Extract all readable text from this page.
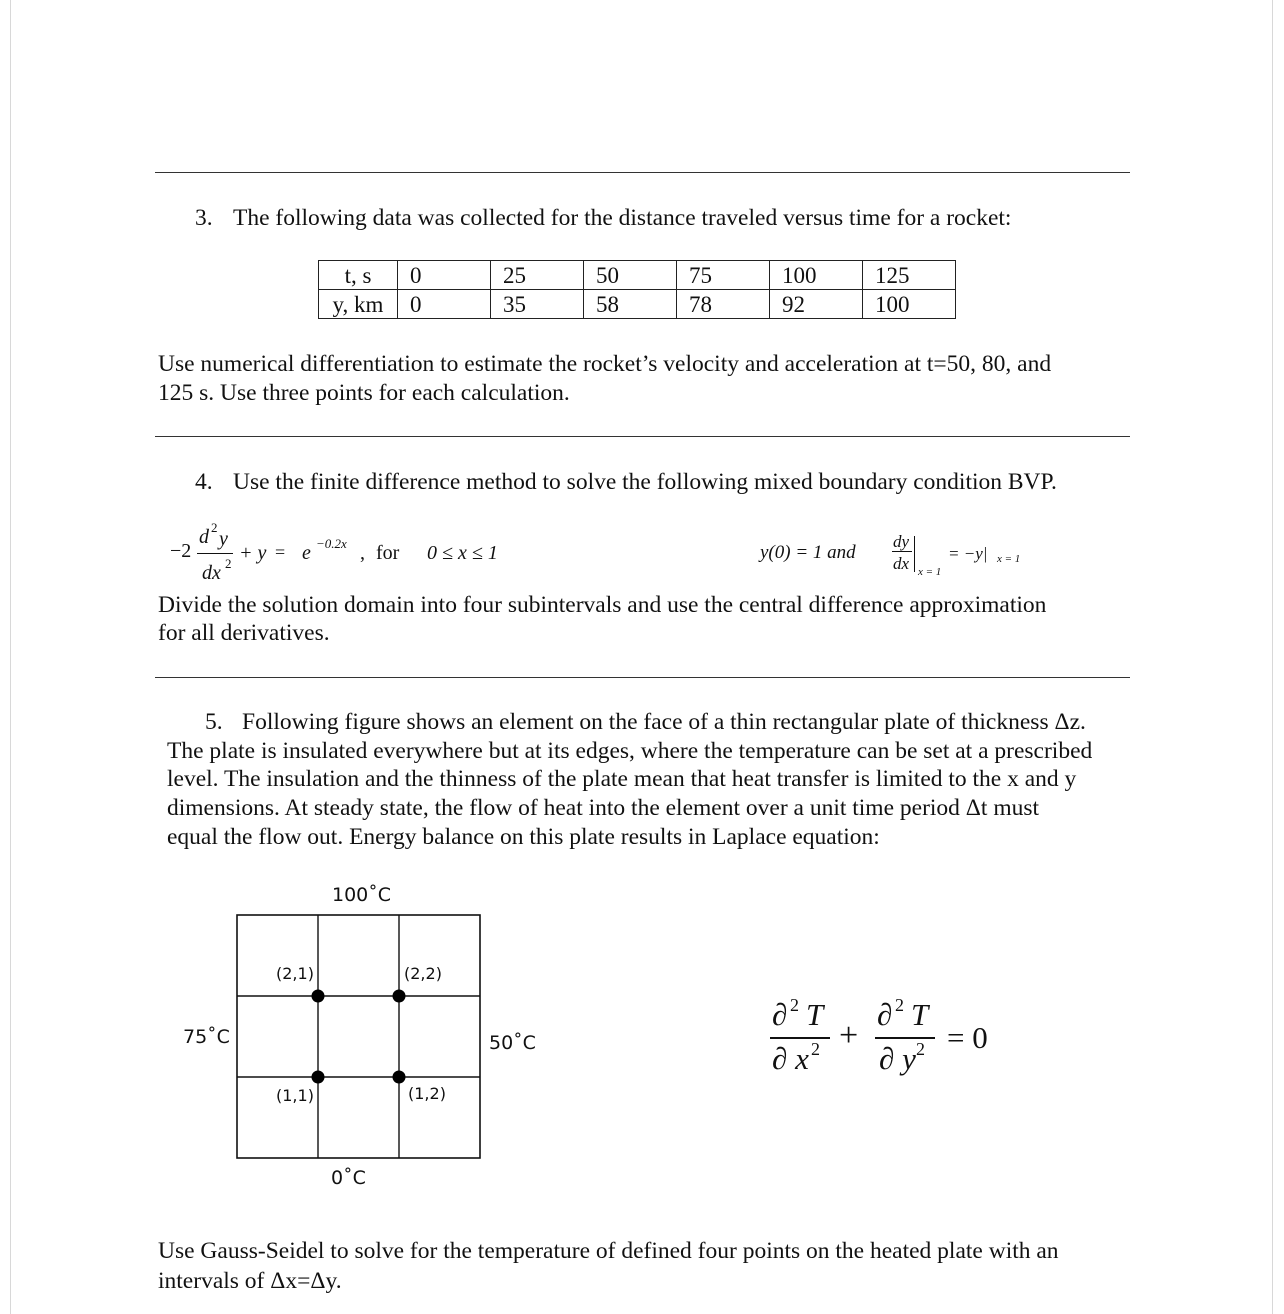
3. The following data was collected for the distance traveled versus time for a rocket:
t, s	0	25	50	75	100	125
y, km	0	35	58	78	92	100
Use numerical differentiation to estimate the rocket’s velocity and acceleration at t=50, 80, and
125 s. Use three points for each calculation.
4. Use the finite difference method to solve the following mixed boundary condition BVP.
−2
d 2
y
dx 2 + y = e −0.2x , for 0 ≤ x ≤ 1	y(0) = 1 and
dy
dx x = 1
= −y| x = 1
Divide the solution domain into four subintervals and use the central difference approximation
for all derivatives.
5. Following figure shows an element on the face of a thin rectangular plate of thickness Δz.
The plate is insulated everywhere but at its edges, where the temperature can be set at a prescribed
level. The insulation and the thinness of the plate mean that heat transfer is limited to the x and y
dimensions. At steady state, the flow of heat into the element over a unit time period Δt must
equal the flow out. Energy balance on this plate results in Laplace equation:
100˚C
75˚C	50˚C
0˚C
(2,1)	(2,2)
(1,1)	(1,2)
∂ 2 T
∂ x 2 +
∂ 2 T
∂ y 2 = 0
Use Gauss-Seidel to solve for the temperature of defined four points on the heated plate with an
intervals of Δx=Δy.
